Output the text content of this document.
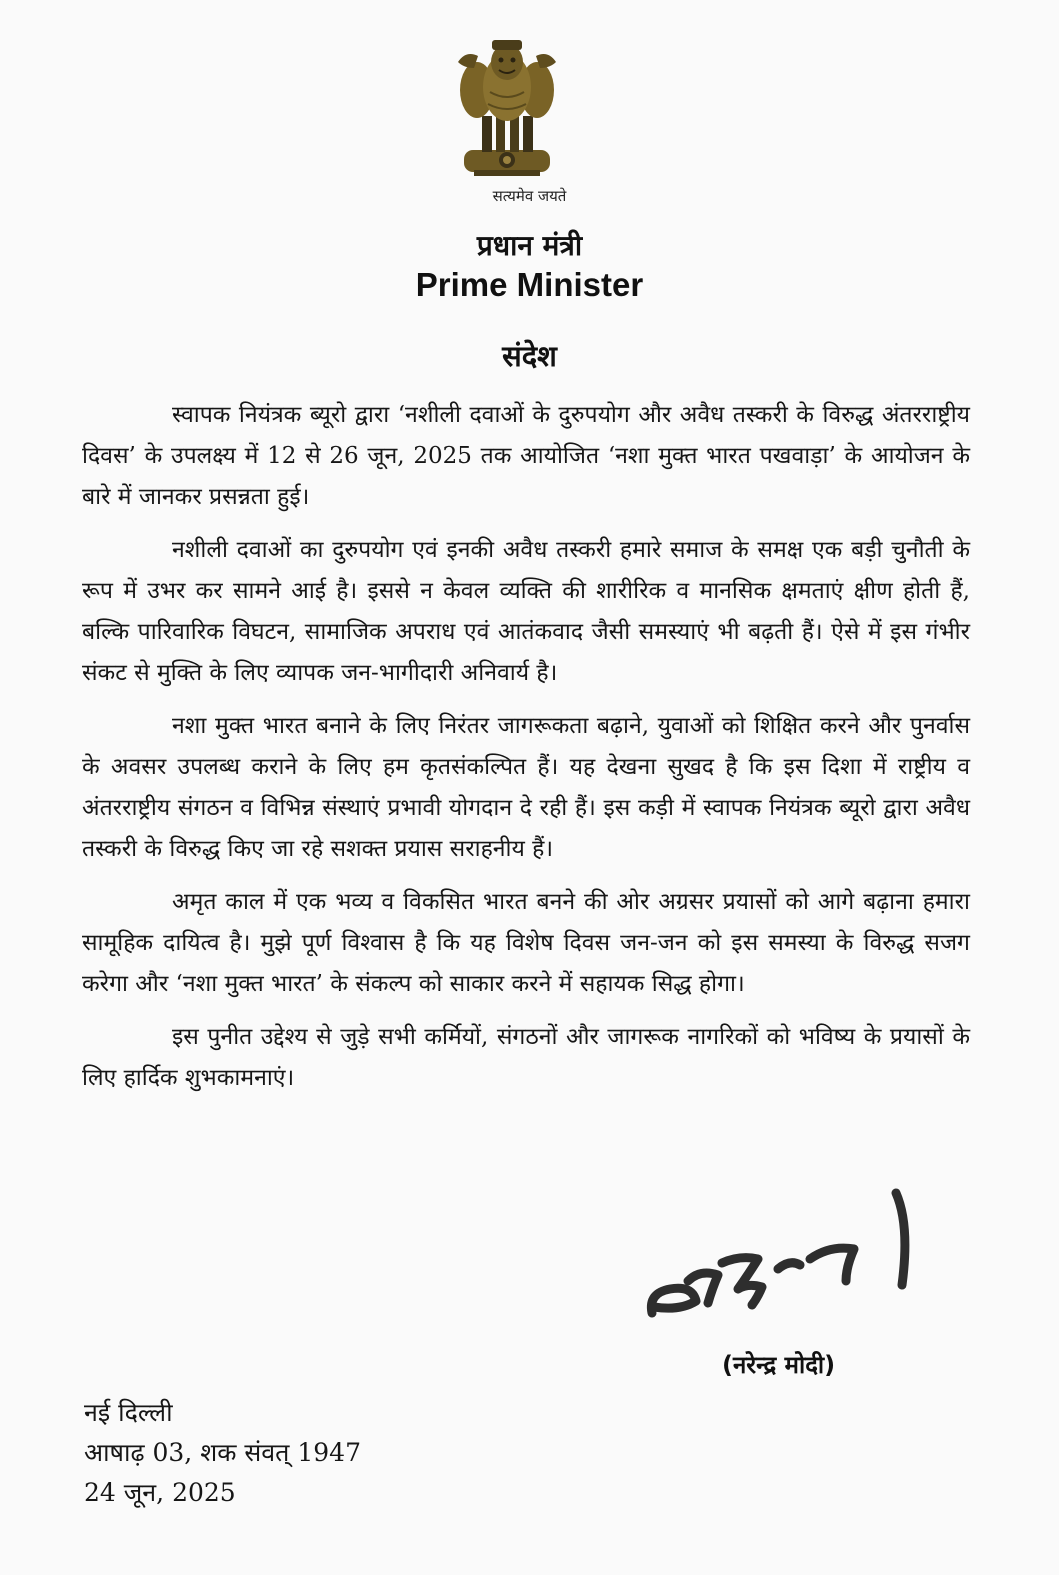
सत्यमेव जयते
प्रधान मंत्री
Prime Minister
संदेश

स्वापक नियंत्रक ब्यूरो द्वारा ‘नशीली दवाओं के दुरुपयोग और अवैध तस्करी के विरुद्ध अंतरराष्ट्रीय दिवस’ के उपलक्ष्य में 12 से 26 जून, 2025 तक आयोजित ‘नशा मुक्त भारत पखवाड़ा’ के आयोजन के बारे में जानकर प्रसन्नता हुई।

नशीली दवाओं का दुरुपयोग एवं इनकी अवैध तस्करी हमारे समाज के समक्ष एक बड़ी चुनौती के रूप में उभर कर सामने आई है। इससे न केवल व्यक्ति की शारीरिक व मानसिक क्षमताएं क्षीण होती हैं, बल्कि पारिवारिक विघटन, सामाजिक अपराध एवं आतंकवाद जैसी समस्याएं भी बढ़ती हैं। ऐसे में इस गंभीर संकट से मुक्ति के लिए व्यापक जन-भागीदारी अनिवार्य है।

नशा मुक्त भारत बनाने के लिए निरंतर जागरूकता बढ़ाने, युवाओं को शिक्षित करने और पुनर्वास के अवसर उपलब्ध कराने के लिए हम कृतसंकल्पित हैं। यह देखना सुखद है कि इस दिशा में राष्ट्रीय व अंतरराष्ट्रीय संगठन व विभिन्न संस्थाएं प्रभावी योगदान दे रही हैं। इस कड़ी में स्वापक नियंत्रक ब्यूरो द्वारा अवैध तस्करी के विरुद्ध किए जा रहे सशक्त प्रयास सराहनीय हैं।

अमृत काल में एक भव्य व विकसित भारत बनने की ओर अग्रसर प्रयासों को आगे बढ़ाना हमारा सामूहिक दायित्व है। मुझे पूर्ण विश्वास है कि यह विशेष दिवस जन-जन को इस समस्या के विरुद्ध सजग करेगा और ‘नशा मुक्त भारत’ के संकल्प को साकार करने में सहायक सिद्ध होगा।

इस पुनीत उद्देश्य से जुड़े सभी कर्मियों, संगठनों और जागरूक नागरिकों को भविष्य के प्रयासों के लिए हार्दिक शुभकामनाएं।

(नरेन्द्र मोदी)
नई दिल्ली
आषाढ़ 03, शक संवत् 1947
24 जून, 2025
